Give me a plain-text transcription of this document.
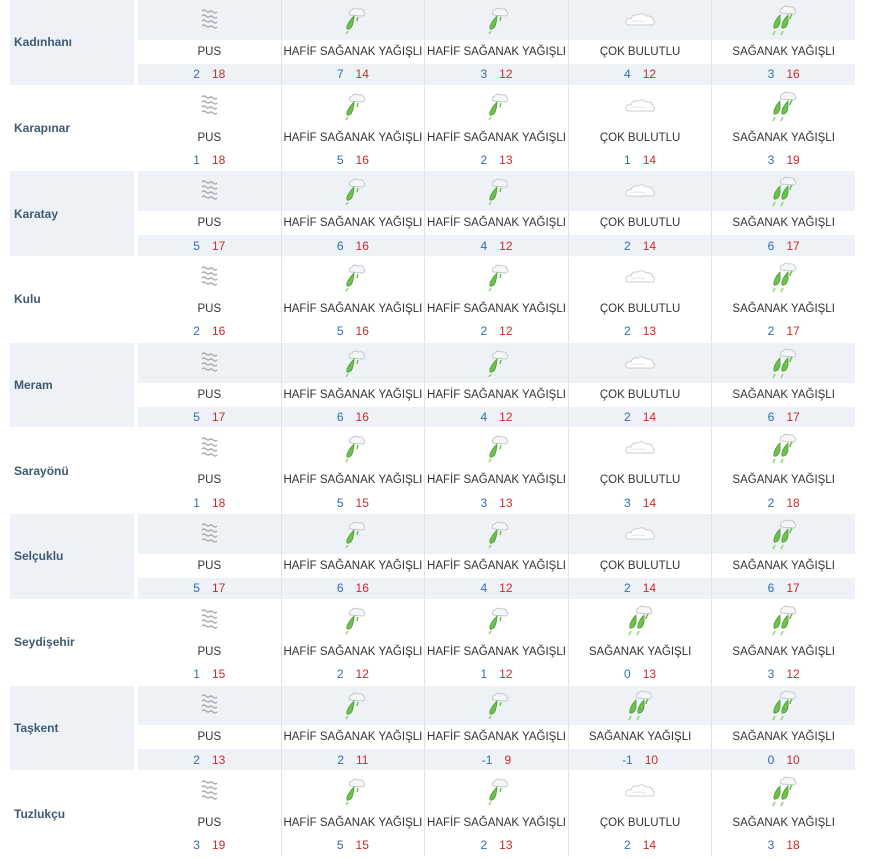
Kadınhanı
PUS
2 18
HAFİF SAĞANAK YAĞIŞLI
7 14
HAFİF SAĞANAK YAĞIŞLI
3 12
ÇOK BULUTLU
4 12
SAĞANAK YAĞIŞLI
3 16
Karapınar
PUS
1 18
HAFİF SAĞANAK YAĞIŞLI
5 16
HAFİF SAĞANAK YAĞIŞLI
2 13
ÇOK BULUTLU
1 14
SAĞANAK YAĞIŞLI
3 19
Karatay
PUS
5 17
HAFİF SAĞANAK YAĞIŞLI
6 16
HAFİF SAĞANAK YAĞIŞLI
4 12
ÇOK BULUTLU
2 14
SAĞANAK YAĞIŞLI
6 17
Kulu
PUS
2 16
HAFİF SAĞANAK YAĞIŞLI
5 16
HAFİF SAĞANAK YAĞIŞLI
2 12
ÇOK BULUTLU
2 13
SAĞANAK YAĞIŞLI
2 17
Meram
PUS
5 17
HAFİF SAĞANAK YAĞIŞLI
6 16
HAFİF SAĞANAK YAĞIŞLI
4 12
ÇOK BULUTLU
2 14
SAĞANAK YAĞIŞLI
6 17
Sarayönü
PUS
1 18
HAFİF SAĞANAK YAĞIŞLI
5 15
HAFİF SAĞANAK YAĞIŞLI
3 13
ÇOK BULUTLU
3 14
SAĞANAK YAĞIŞLI
2 18
Selçuklu
PUS
5 17
HAFİF SAĞANAK YAĞIŞLI
6 16
HAFİF SAĞANAK YAĞIŞLI
4 12
ÇOK BULUTLU
2 14
SAĞANAK YAĞIŞLI
6 17
Seydişehir
PUS
1 15
HAFİF SAĞANAK YAĞIŞLI
2 12
HAFİF SAĞANAK YAĞIŞLI
1 12
SAĞANAK YAĞIŞLI
0 13
SAĞANAK YAĞIŞLI
3 12
Taşkent
PUS
2 13
HAFİF SAĞANAK YAĞIŞLI
2 11
HAFİF SAĞANAK YAĞIŞLI
-1 9
SAĞANAK YAĞIŞLI
-1 10
SAĞANAK YAĞIŞLI
0 10
Tuzlukçu
PUS
3 19
HAFİF SAĞANAK YAĞIŞLI
5 15
HAFİF SAĞANAK YAĞIŞLI
2 13
ÇOK BULUTLU
2 14
SAĞANAK YAĞIŞLI
3 18
